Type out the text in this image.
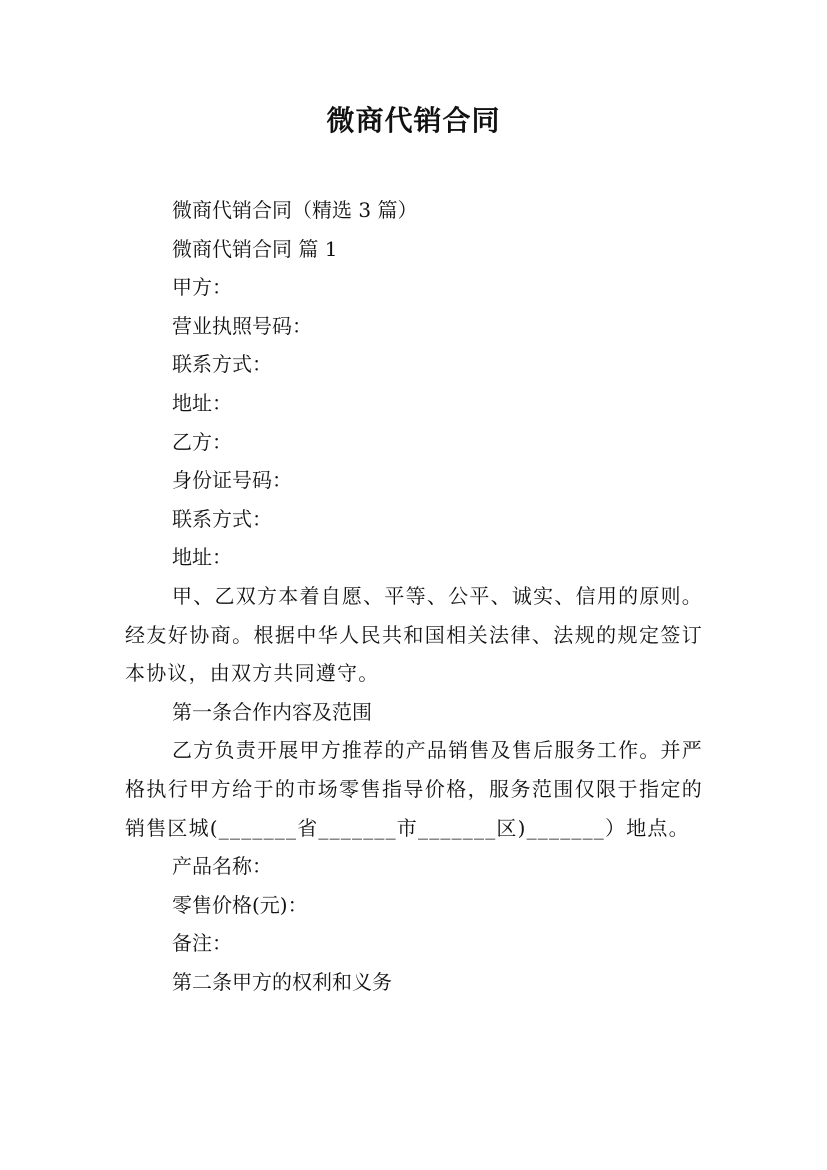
微商代销合同

微商代销合同（精选 3 篇）

微商代销合同 篇 1

甲方：

营业执照号码：

联系方式：

地址：

乙方：

身份证号码：

联系方式：

地址：

甲、乙双方本着自愿、平等、公平、诚实、信用的原则。经友好协商。根据中华人民共和国相关法律、法规的规定签订本协议，由双方共同遵守。

第一条合作内容及范围

乙方负责开展甲方推荐的产品销售及售后服务工作。并严格执行甲方给于的市场零售指导价格，服务范围仅限于指定的销售区城(_______省_______市_______区)_______）地点。

产品名称：

零售价格(元)：

备注：

第二条甲方的权利和义务
